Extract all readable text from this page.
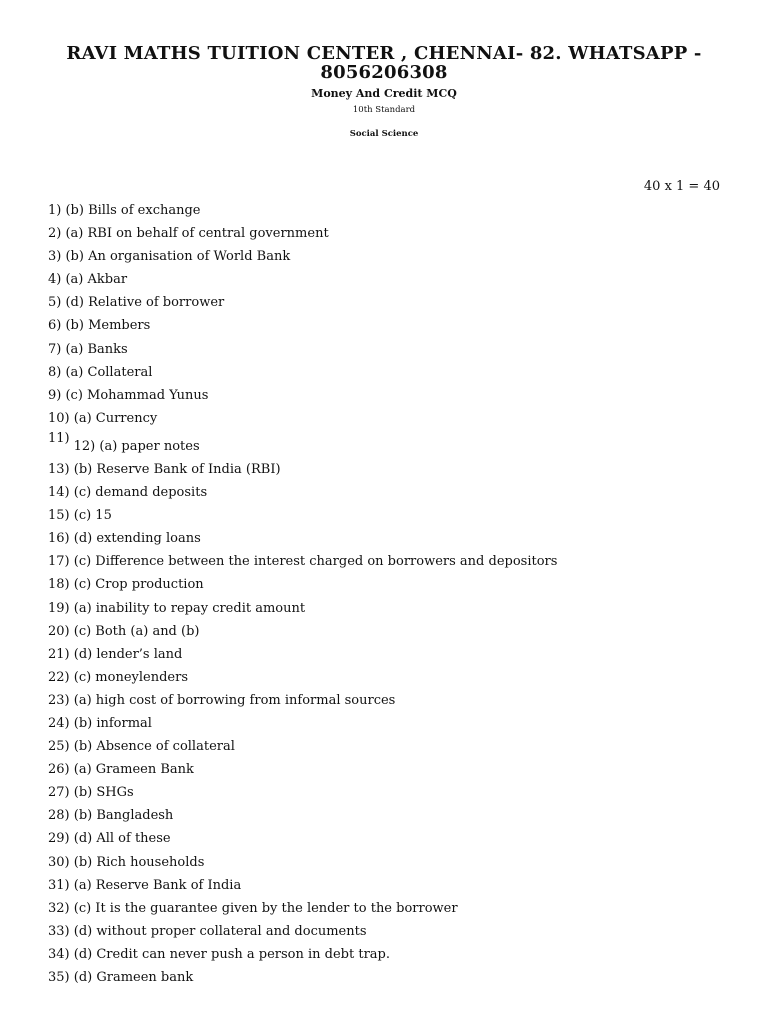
RAVI MATHS TUITION CENTER , CHENNAI- 82. WHATSAPP - 8056206308
Money And Credit MCQ
10th Standard
Social Science
40 x 1 = 40
1) (b) Bills of exchange
2) (a) RBI on behalf of central government
3) (b) An organisation of World Bank
4) (a) Akbar
5) (d) Relative of borrower
6) (b) Members
7) (a) Banks
8) (a) Collateral
9) (c) Mohammad Yunus
10) (a) Currency
11)12) (a) paper notes
13) (b) Reserve Bank of India (RBI)
14) (c) demand deposits
15) (c) 15
16) (d) extending loans
17) (c) Difference between the interest charged on borrowers and depositors
18) (c) Crop production
19) (a) inability to repay credit amount
20) (c) Both (a) and (b)
21) (d) lender’s land
22) (c) moneylenders
23) (a) high cost of borrowing from informal sources
24) (b) informal
25) (b) Absence of collateral
26) (a) Grameen Bank
27) (b) SHGs
28) (b) Bangladesh
29) (d) All of these
30) (b) Rich households
31) (a) Reserve Bank of India
32) (c) It is the guarantee given by the lender to the borrower
33) (d) without proper collateral and documents
34) (d) Credit can never push a person in debt trap.
35) (d) Grameen bank
